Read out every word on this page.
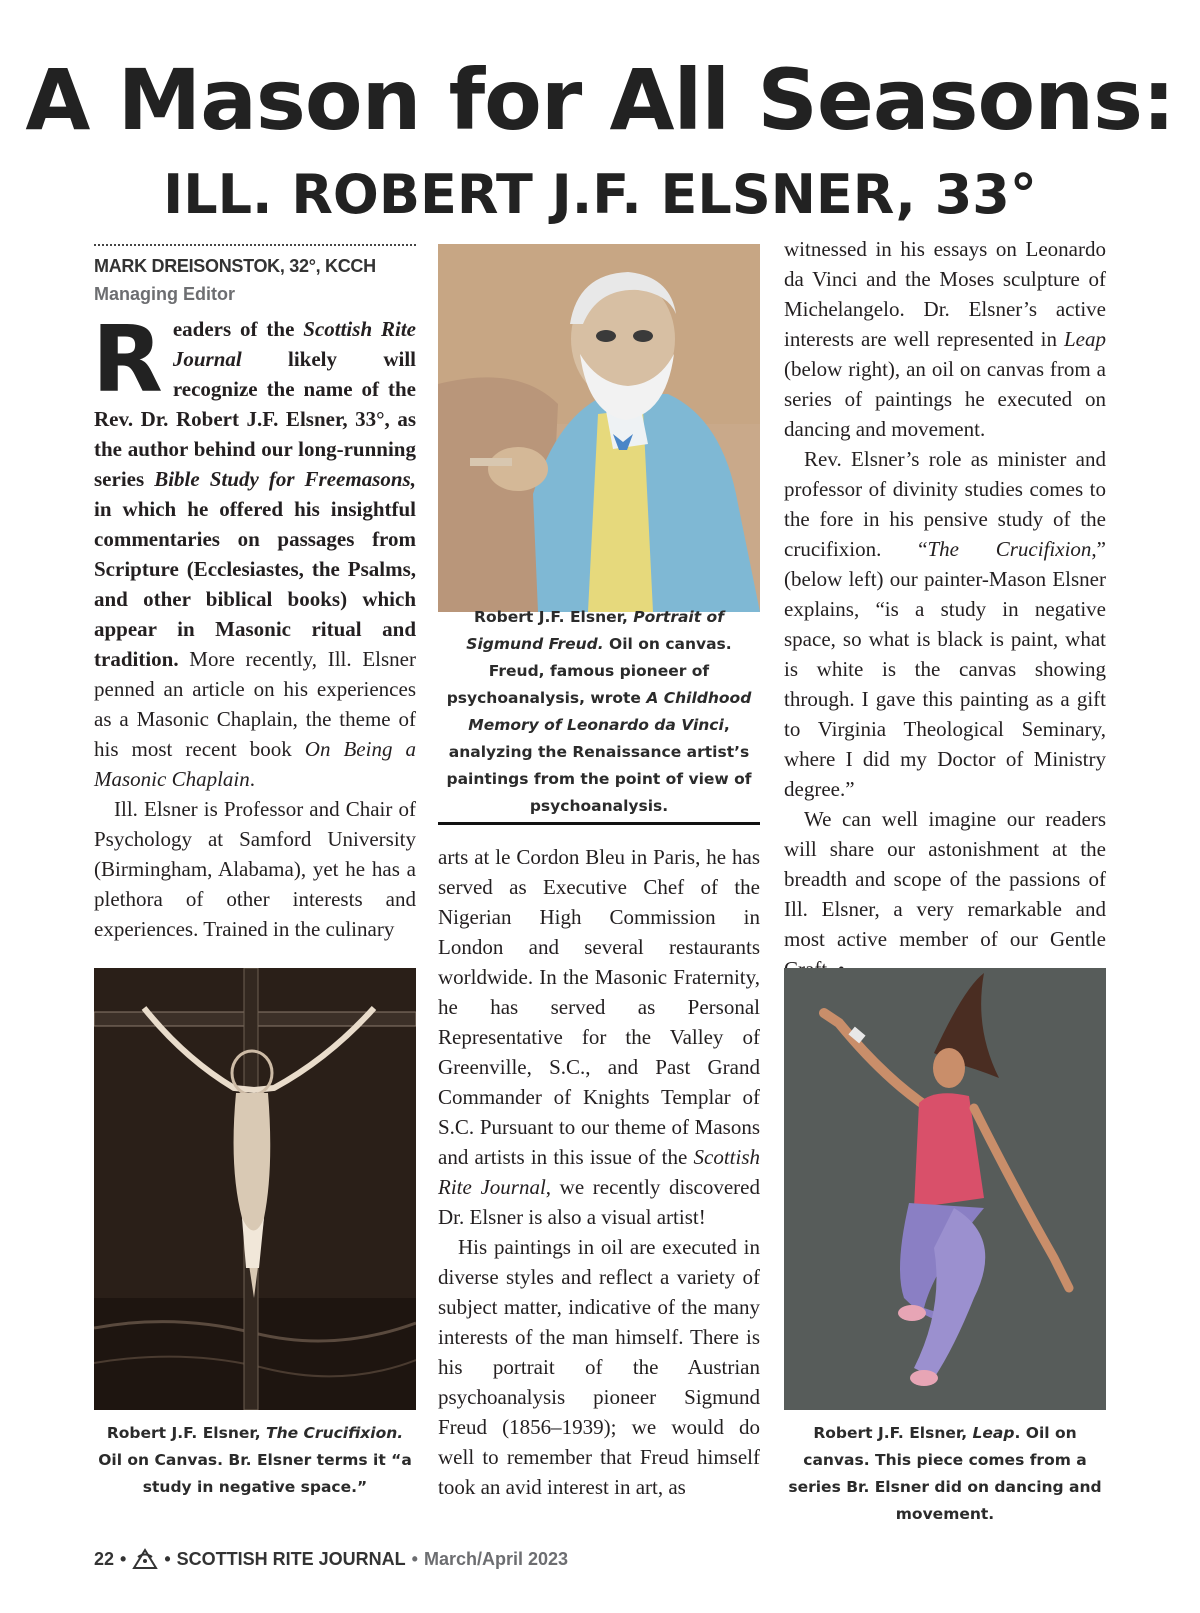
A Mason for All Seasons:
ILL. ROBERT J.F. ELSNER, 33°
MARK DREISONSTOK, 32°, KCCH
Managing Editor

Readers of the Scottish Rite Journal likely will recognize the name of the Rev. Dr. Robert J.F. Elsner, 33°, as the author behind our long-running series Bible Study for Freemasons, in which he offered his insightful commentaries on passages from Scripture (Ecclesiastes, the Psalms, and other biblical books) which appear in Masonic ritual and tradition. More recently, Ill. Elsner penned an article on his experiences as a Masonic Chaplain, the theme of his most recent book On Being a Masonic Chaplain.

Ill. Elsner is Professor and Chair of Psychology at Samford University (Birmingham, Alabama), yet he has a plethora of other interests and experiences. Trained in the culinary

Robert J.F. Elsner, Portrait of Sigmund Freud. Oil on canvas. Freud, famous pioneer of psychoanalysis, wrote A Childhood Memory of Leonardo da Vinci, analyzing the Renaissance artist’s paintings from the point of view of psychoanalysis.

arts at le Cordon Bleu in Paris, he has served as Executive Chef of the Nigerian High Commission in London and several restaurants worldwide. In the Masonic Fraternity, he has served as Personal Representative for the Valley of Greenville, S.C., and Past Grand Commander of Knights Templar of S.C. Pursuant to our theme of Masons and artists in this issue of the Scottish Rite Journal, we recently discovered Dr. Elsner is also a visual artist!

His paintings in oil are executed in diverse styles and reflect a variety of subject matter, indicative of the many interests of the man himself. There is his portrait of the Austrian psychoanalysis pioneer Sigmund Freud (1856–1939); we would do well to remember that Freud himself took an avid interest in art, as

witnessed in his essays on Leonardo da Vinci and the Moses sculpture of Michelangelo. Dr. Elsner’s active interests are well represented in Leap (below right), an oil on canvas from a series of paintings he executed on dancing and movement.

Rev. Elsner’s role as minister and professor of divinity studies comes to the fore in his pensive study of the crucifixion. “The Crucifixion,” (below left) our painter-Mason Elsner explains, “is a study in negative space, so what is black is paint, what is white is the canvas showing through. I gave this painting as a gift to Virginia Theological Seminary, where I did my Doctor of Ministry degree.”

We can well imagine our readers will share our astonishment at the breadth and scope of the passions of Ill. Elsner, a very remarkable and most active member of our Gentle

Robert J.F. Elsner, The Crucifixion. Oil on Canvas. Br. Elsner terms it “a study in negative space.”
Robert J.F. Elsner, Leap. Oil on canvas. This piece comes from a series Br. Elsner did on dancing and movement.
22 • • SCOTTISH RITE JOURNAL • March/April 2023
